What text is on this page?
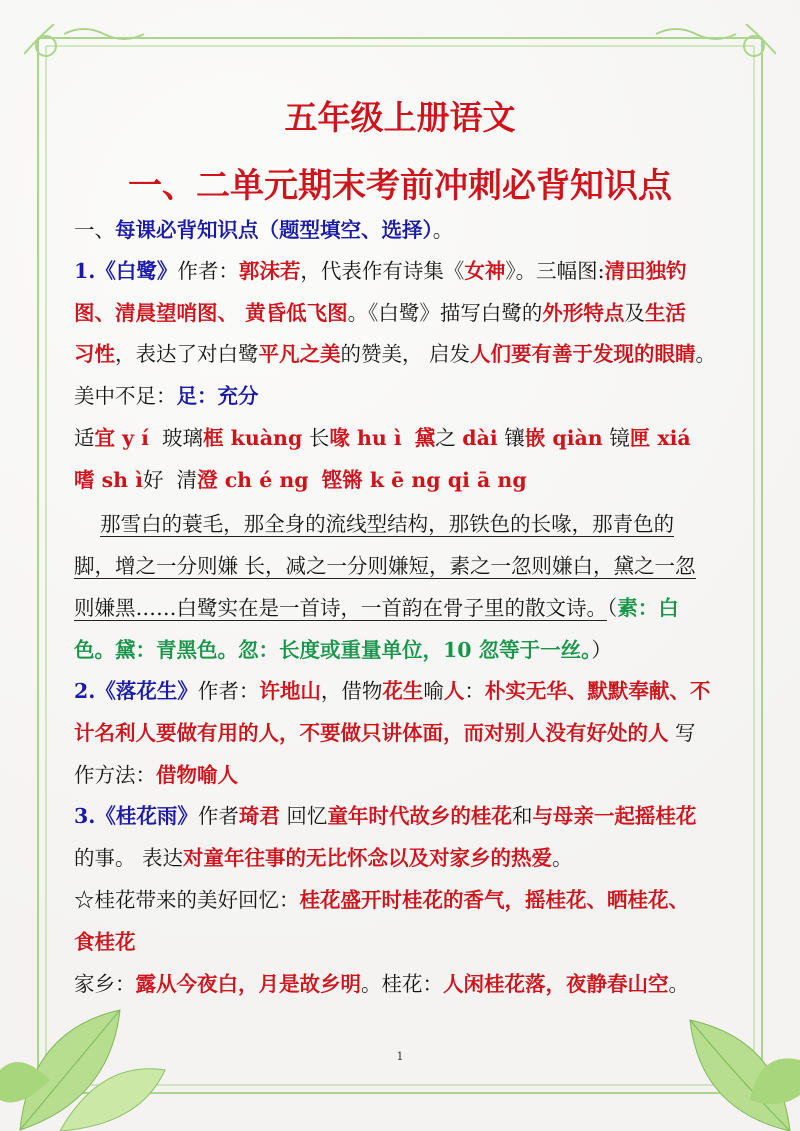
五年级上册语文
一、二单元期末考前冲刺必背知识点
一、每课必背知识点（题型填空、选择）。
1.《白鹭》作者：郭沫若，代表作有诗集《女神》。三幅图:清田独钓
图、清晨望哨图、 黄昏低飞图。《白鹭》描写白鹭的外形特点及生活
习性，表达了对白鹭平凡之美的赞美， 启发人们要有善于发现的眼睛。
美中不足：足：充分
适宜 y í  玻璃框 kuàng 长喙 hu ì 黛之 dài 镶嵌 qiàn 镜匣 xiá
嗜 sh ì好  清澄 ch é ng 铿锵 k ē ng qi ā ng
那雪白的蓑毛，那全身的流线型结构，那铁色的长喙，那青色的
脚，增之一分则嫌 长，减之一分则嫌短，素之一忽则嫌白，黛之一忽
则嫌黑……白鹭实在是一首诗，一首韵在骨子里的散文诗。（素：白
色。黛：青黑色。忽：长度或重量单位，10 忽等于一丝。）
2.《落花生》作者：许地山，借物花生喻人：朴实无华、默默奉献、不
计名利人要做有用的人，不要做只讲体面，而对别人没有好处的人 写
作方法：借物喻人
3.《桂花雨》作者琦君 回忆童年时代故乡的桂花和与母亲一起摇桂花
的事。 表达对童年往事的无比怀念以及对家乡的热爱。
☆桂花带来的美好回忆：桂花盛开时桂花的香气，摇桂花、晒桂花、
食桂花
家乡：露从今夜白，月是故乡明。桂花：人闲桂花落，夜静春山空。
1
